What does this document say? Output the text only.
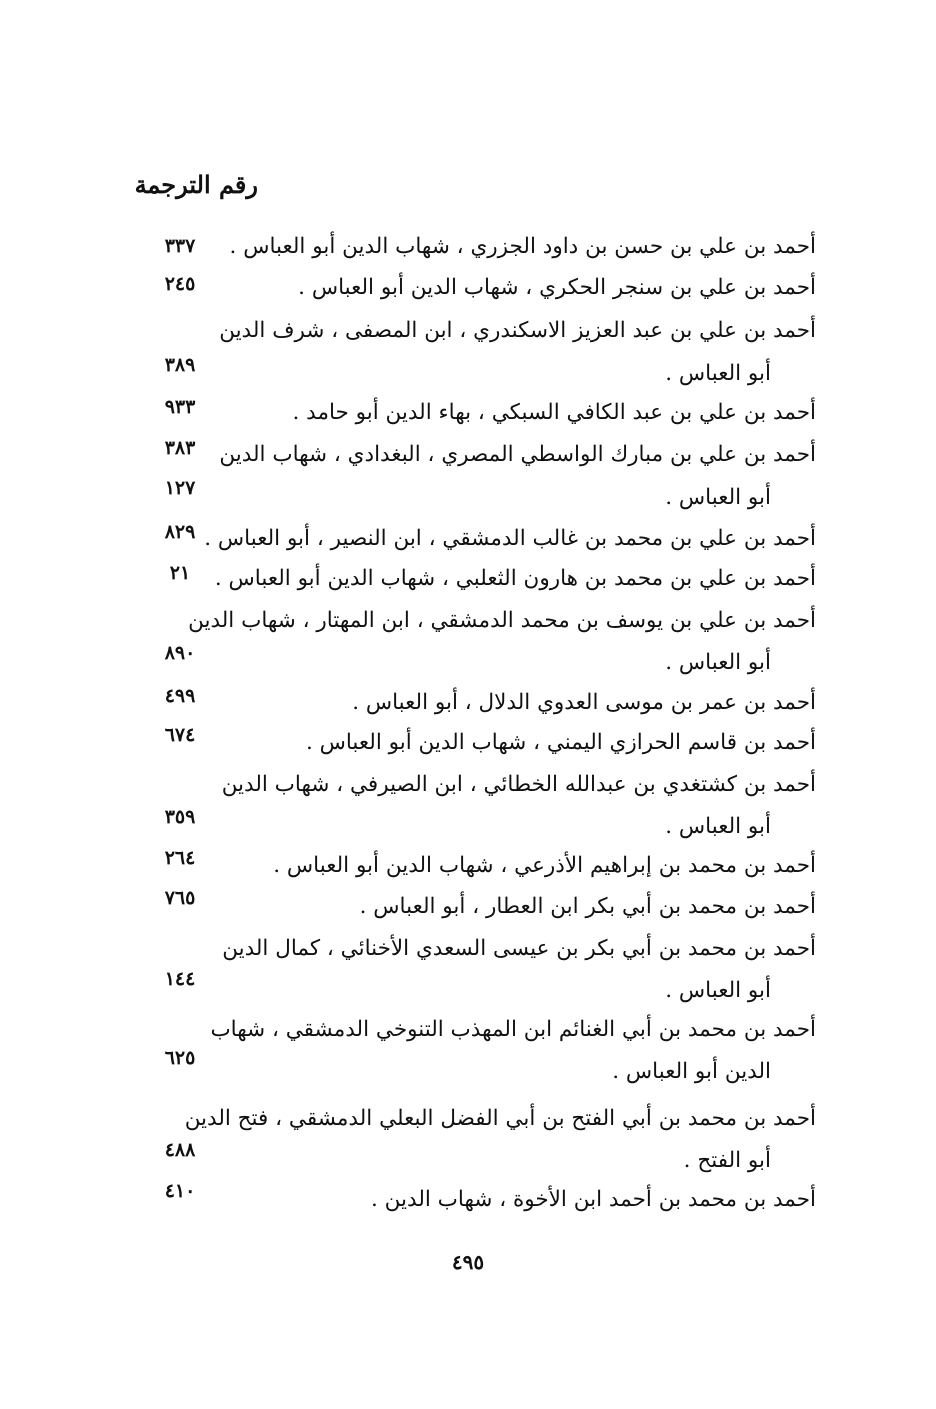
رقم الترجمة
أحمد بن علي بن حسن بن داود الجزري ، شهاب الدين أبو العباس .
٣٣٧
أحمد بن علي بن سنجر الحكري ، شهاب الدين أبو العباس .
٢٤٥
أحمد بن علي بن عبد العزيز الاسكندري ، ابن المصفى ، شرف الدين
أبو العباس .
٣٨٩
أحمد بن علي بن عبد الكافي السبكي ، بهاء الدين أبو حامد .
٩٣٣
أحمد بن علي بن مبارك الواسطي المصري ، البغدادي ، شهاب الدين
أبو العباس .
٣٨٣
١٢٧
أحمد بن علي بن محمد بن غالب الدمشقي ، ابن النصير ، أبو العباس .
٨٢٩
أحمد بن علي بن محمد بن هارون الثعلبي ، شهاب الدين أبو العباس .
٢١
أحمد بن علي بن يوسف بن محمد الدمشقي ، ابن المهتار ، شهاب الدين
أبو العباس .
٨٩٠
أحمد بن عمر بن موسى العدوي الدلال ، أبو العباس .
٤٩٩
أحمد بن قاسم الحرازي اليمني ، شهاب الدين أبو العباس .
٦٧٤
أحمد بن كشتغدي بن عبدالله الخطائي ، ابن الصيرفي ، شهاب الدين
أبو العباس .
٣٥٩
أحمد بن محمد بن إبراهيم الأذرعي ، شهاب الدين أبو العباس .
٢٦٤
أحمد بن محمد بن أبي بكر ابن العطار ، أبو العباس .
٧٦٥
أحمد بن محمد بن أبي بكر بن عيسى السعدي الأخنائي ، كمال الدين
أبو العباس .
١٤٤
أحمد بن محمد بن أبي الغنائم ابن المهذب التنوخي الدمشقي ، شهاب
الدين أبو العباس .
٦٢٥
أحمد بن محمد بن أبي الفتح بن أبي الفضل البعلي الدمشقي ، فتح الدين
أبو الفتح .
٤٨٨
أحمد بن محمد بن أحمد ابن الأخوة ، شهاب الدين .
٤١٠
٤٩٥
